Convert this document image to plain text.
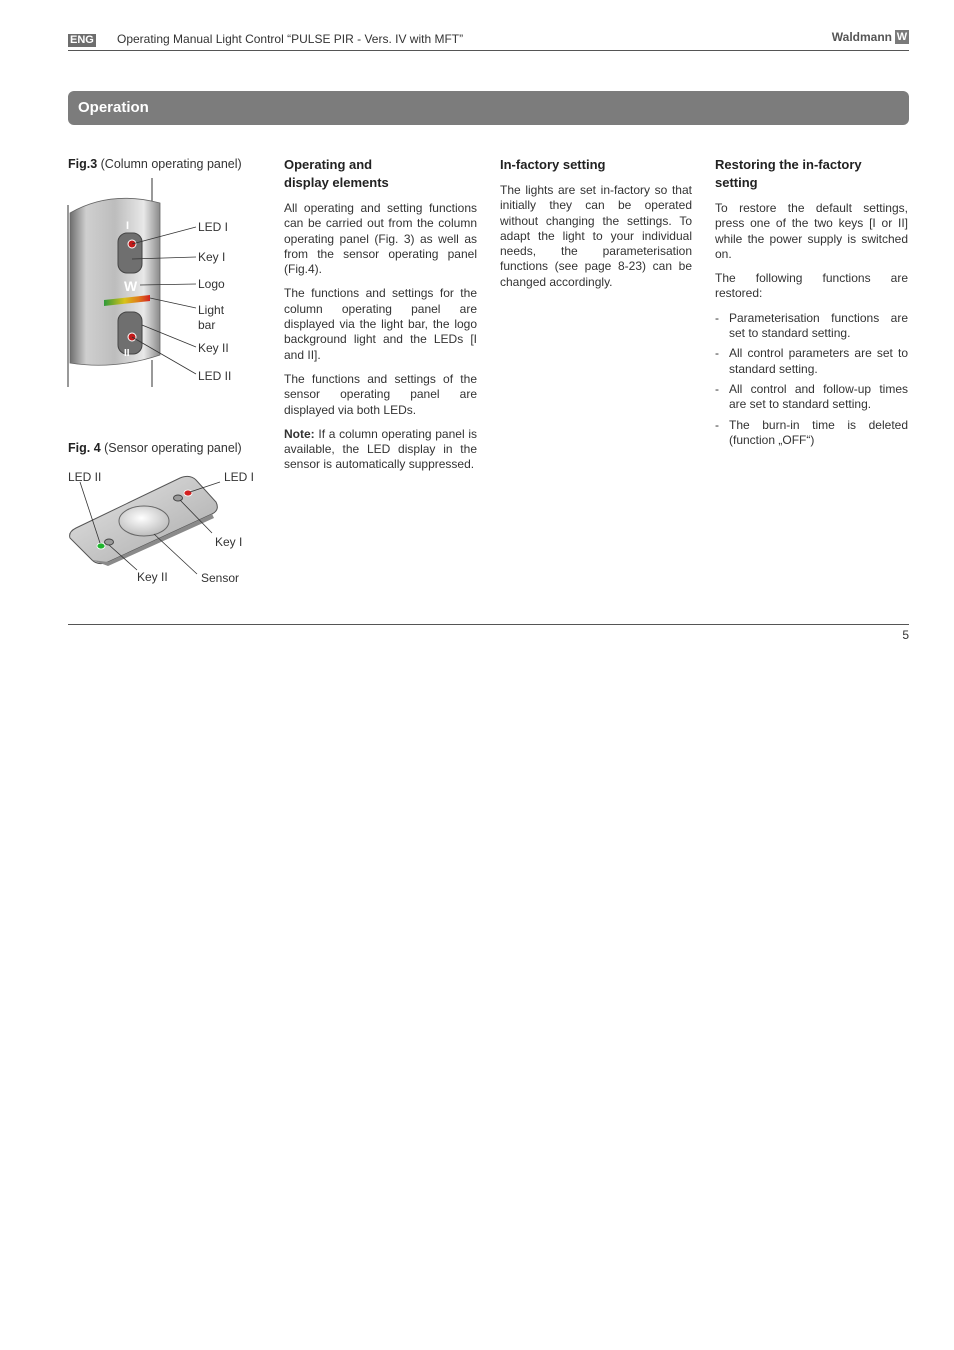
ENG Operating Manual Light Control “PULSE PIR - Vers. IV with MFT”	Waldmann W
Operation
Fig.3 (Column operating panel)
I
II
W
LED I
Key I
Logo
Light
bar
Key II
LED II
Fig. 4 (Sensor operating panel)
LED II	LED I
Key I
Key II	Sensor
Operating and
display elements

All operating and setting functions can be carried out from the column operating panel (Fig. 3) as well as from the sensor operating panel (Fig.4).

The functions and settings for the column operating panel are displayed via the light bar, the logo background light and the LEDs [I and II].

The functions and settings of the sensor operating panel are displayed via both LEDs.

Note: If a column operating panel is available, the LED display in the sensor is automatically suppressed.

In-factory setting

The lights are set in-factory so that initially they can be operated without changing the settings. To adapt the light to your individual needs, the parameterisation functions (see page 8-23) can be changed accordingly.

Restoring the in-factory
setting

To restore the default settings, press one of the two keys [I or II] while the power supply is switched on.

The following functions are restored:

- Parameterisation functions are set to standard setting.
- All control parameters are set to standard setting.
- All control and follow-up times are set to standard setting.
- The burn-in time is deleted (function „OFF“)
5
